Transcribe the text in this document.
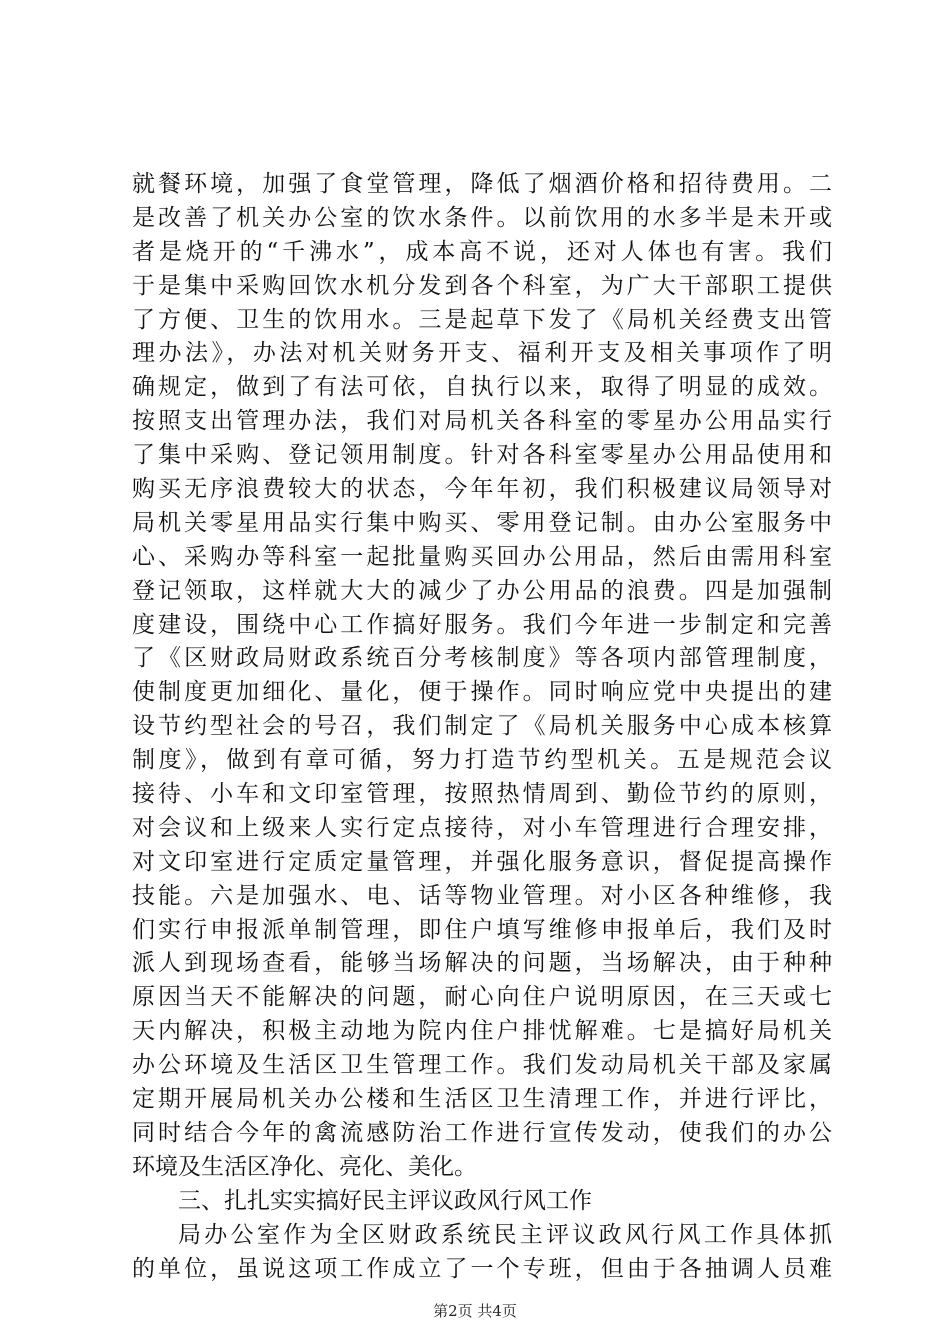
就餐环境，加强了食堂管理，降低了烟酒价格和招待费用。二
是改善了机关办公室的饮水条件。以前饮用的水多半是未开或
者是烧开的“千沸水”，成本高不说，还对人体也有害。我们
于是集中采购回饮水机分发到各个科室，为广大干部职工提供
了方便、卫生的饮用水。三是起草下发了《局机关经费支出管
理办法》，办法对机关财务开支、福利开支及相关事项作了明
确规定，做到了有法可依，自执行以来，取得了明显的成效。
按照支出管理办法，我们对局机关各科室的零星办公用品实行
了集中采购、登记领用制度。针对各科室零星办公用品使用和
购买无序浪费较大的状态，今年年初，我们积极建议局领导对
局机关零星用品实行集中购买、零用登记制。由办公室服务中
心、采购办等科室一起批量购买回办公用品，然后由需用科室
登记领取，这样就大大的减少了办公用品的浪费。四是加强制
度建设，围绕中心工作搞好服务。我们今年进一步制定和完善
了《区财政局财政系统百分考核制度》等各项内部管理制度，
使制度更加细化、量化，便于操作。同时响应党中央提出的建
设节约型社会的号召，我们制定了《局机关服务中心成本核算
制度》，做到有章可循，努力打造节约型机关。五是规范会议
接待、小车和文印室管理，按照热情周到、勤俭节约的原则，
对会议和上级来人实行定点接待，对小车管理进行合理安排，
对文印室进行定质定量管理，并强化服务意识，督促提高操作
技能。六是加强水、电、话等物业管理。对小区各种维修，我
们实行申报派单制管理，即住户填写维修申报单后，我们及时
派人到现场查看，能够当场解决的问题，当场解决，由于种种
原因当天不能解决的问题，耐心向住户说明原因，在三天或七
天内解决，积极主动地为院内住户排忧解难。七是搞好局机关
办公环境及生活区卫生管理工作。我们发动局机关干部及家属
定期开展局机关办公楼和生活区卫生清理工作，并进行评比，
同时结合今年的禽流感防治工作进行宣传发动，使我们的办公
环境及生活区净化、亮化、美化。
三、扎扎实实搞好民主评议政风行风工作
局办公室作为全区财政系统民主评议政风行风工作具体抓
的单位，虽说这项工作成立了一个专班，但由于各抽调人员难
第2页 共4页
